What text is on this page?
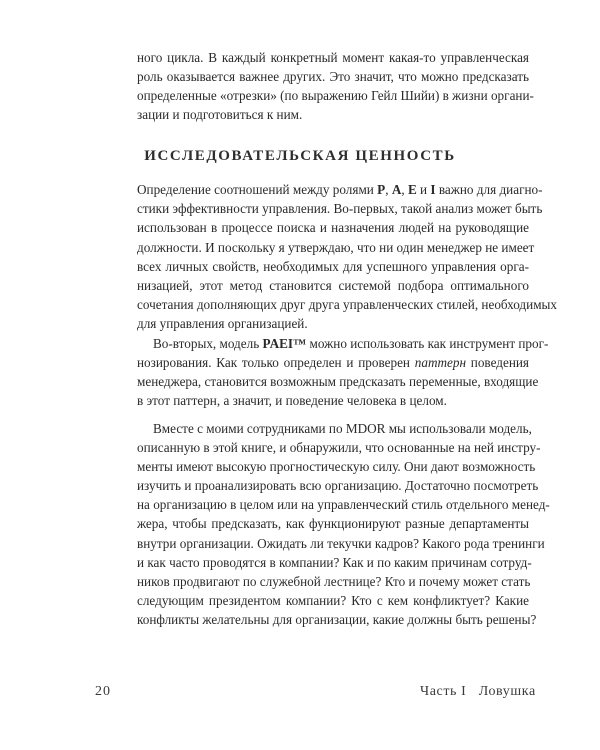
ного цикла. В каждый конкретный момент какая-то управленческая
роль оказывается важнее других. Это значит, что можно предсказать
определенные «отрезки» (по выражению Гейл Шийи) в жизни органи-
зации и подготовиться к ним.
ИССЛЕДОВАТЕЛЬСКАЯ ЦЕННОСТЬ
Определение соотношений между ролями P, A, E и I важно для диагно-
стики эффективности управления. Во-первых, такой анализ может быть
использован в процессе поиска и назначения людей на руководящие
должности. И поскольку я утверждаю, что ни один менеджер не имеет
всех личных свойств, необходимых для успешного управления орга-
низацией, этот метод становится системой подбора оптимального
сочетания дополняющих друг друга управленческих стилей, необходимых
для управления организацией.
Во-вторых, модель PAEI™ можно использовать как инструмент прог-
нозирования. Как только определен и проверен паттерн поведения
менеджера, становится возможным предсказать переменные, входящие
в этот паттерн, а значит, и поведение человека в целом.
Вместе с моими сотрудниками по MDOR мы использовали модель,
описанную в этой книге, и обнаружили, что основанные на ней инстру-
менты имеют высокую прогностическую силу. Они дают возможность
изучить и проанализировать всю организацию. Достаточно посмотреть
на организацию в целом или на управленческий стиль отдельного менед-
жера, чтобы предсказать, как функционируют разные департаменты
внутри организации. Ожидать ли текучки кадров? Какого рода тренинги
и как часто проводятся в компании? Как и по каким причинам сотруд-
ников продвигают по служебной лестнице? Кто и почему может стать
следующим президентом компании? Кто с кем конфликтует? Какие
конфликты желательны для организации, какие должны быть решены?
20	Часть I   Ловушка
